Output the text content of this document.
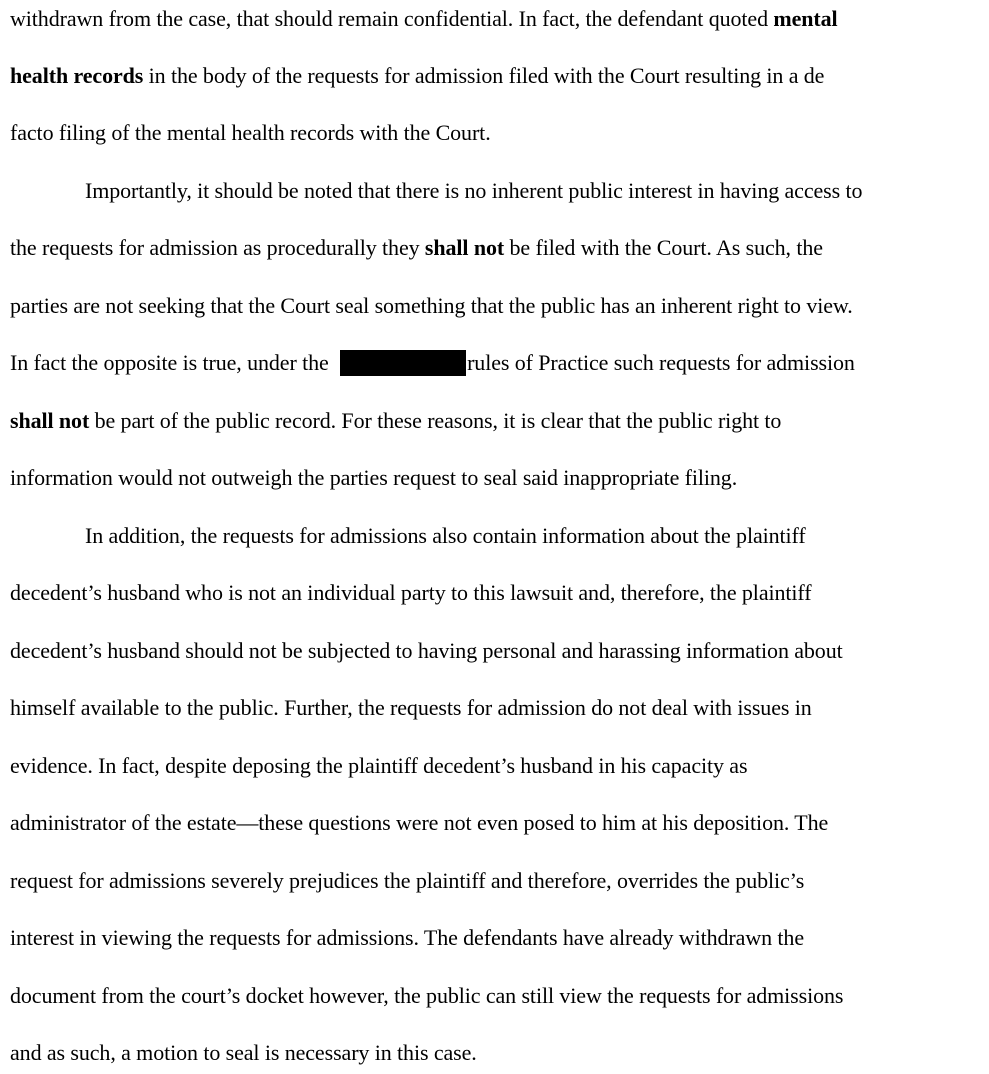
withdrawn from the case, that should remain confidential. In fact, the defendant quoted mental

health records in the body of the requests for admission filed with the Court resulting in a de

facto filing of the mental health records with the Court.

Importantly, it should be noted that there is no inherent public interest in having access to

the requests for admission as procedurally they shall not be filed with the Court. As such, the

parties are not seeking that the Court seal something that the public has an inherent right to view.

In fact the opposite is true, under the	rules of Practice such requests for admission

shall not be part of the public record. For these reasons, it is clear that the public right to

information would not outweigh the parties request to seal said inappropriate filing.

In addition, the requests for admissions also contain information about the plaintiff

decedent’s husband who is not an individual party to this lawsuit and, therefore, the plaintiff

decedent’s husband should not be subjected to having personal and harassing information about

himself available to the public. Further, the requests for admission do not deal with issues in

evidence. In fact, despite deposing the plaintiff decedent’s husband in his capacity as

administrator of the estate—these questions were not even posed to him at his deposition. The

request for admissions severely prejudices the plaintiff and therefore, overrides the public’s

interest in viewing the requests for admissions. The defendants have already withdrawn the

document from the court’s docket however, the public can still view the requests for admissions

and as such, a motion to seal is necessary in this case.
